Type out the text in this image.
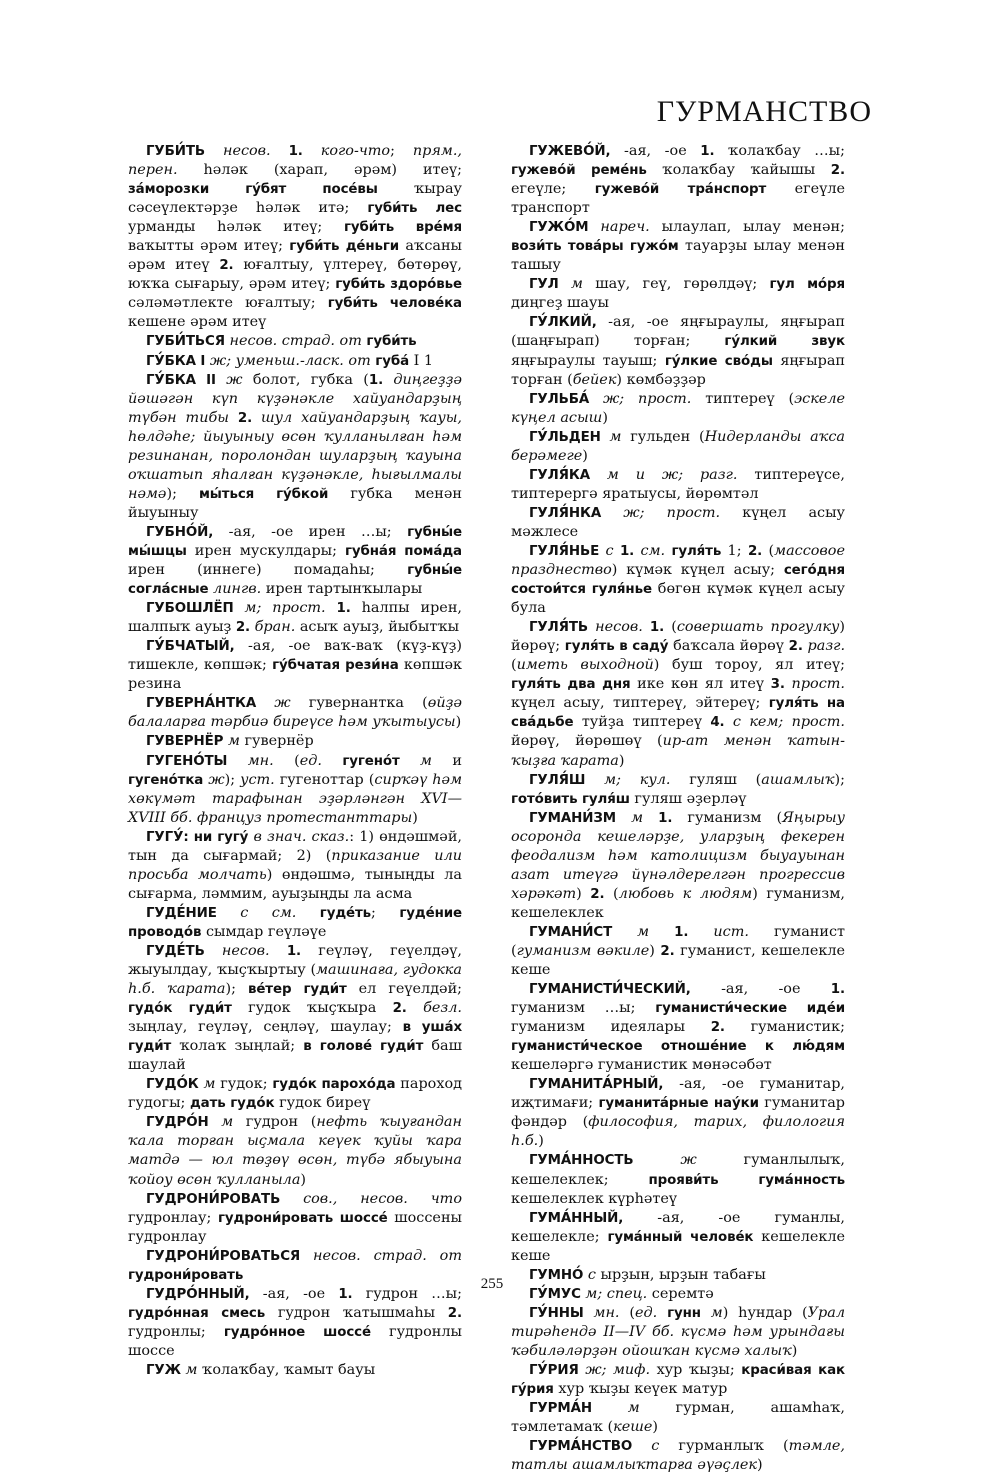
ГУРМАНСТВО

ГУБИ́ТЬ несов. 1. кого-что; прям., перен. һәләк (харап, әрәм) итеү; за́морозки гу́бят посе́вы ҡырау сәсеүлектәрҙе һәләк итә; губи́ть лес урманды һәләк итеү; губи́ть вре́мя ваҡытты әрәм итеү; губи́ть де́ньги аҡсаны әрәм итеү 2. юғалтыу, үлтереү, бөтөрөү, юҡҡа сығарыу, әрәм итеү; губи́ть здоро́вье сәләмәтлекте юғалтыу; губи́ть челове́ка кешене әрәм итеү

ГУБИ́ТЬСЯ несов. страд. от губи́ть

ГУ́БКА I ж; уменьш.-ласк. от губа́ I 1

ГУ́БКА II ж болот, губка (1. диңгеҙҙә йәшәгән күп күҙәнәкле хайуандарҙың түбән тибы 2. шул хайуандарҙың ҡауы, һөлдәһе; йыуыныу өсөн ҡулланылған һәм резинанан, поролондан шуларҙың ҡауына оҡшатып яһалған күҙәнәкле, һығылмалы нәмә); мы́ться гу́бкой губка менән йыуыныу

ГУБНО́Й, -ая, -ое ирен …ы; губны́е мы́шцы ирен мускулдары; губна́я пома́да ирен (иннеге) помадаһы; губны́е согла́сные лингв. ирен тартынҡылары

ГУБОШЛЁП м; прост. 1. һалпы ирен, шалпыҡ ауыҙ 2. бран. асыҡ ауыҙ, йыбытҡы

ГУ́БЧАТЫЙ, -ая, -ое ваҡ-ваҡ (күҙ-күҙ) тишекле, көпшәк; гу́бчатая рези́на көпшәк резина

ГУВЕРНА́НТКА ж гувернантка (өйҙә балаларға тәрбиә биреүсе һәм уҡытыусы)

ГУВЕРНЁР м гувернёр

ГУГЕНО́ТЫ мн. (ед. гугено́т м и гугено́тка ж); уст. гугеноттар (сирҡәү һәм хөкүмәт тарафынан эҙәрләнгән XVI—XVIII бб. француз протестанттары)

ГУГУ́: ни гугу́ в знач. сказ.: 1) өндәшмәй, тын да сығармай; 2) (приказание или просьба молчать) өндәшмә, тыныңды ла сығарма, ләммим, ауыҙыңды ла асма

ГУДЕ́НИЕ с см. гуде́ть; гуде́ние проводо́в сымдар геүләүе

ГУДЕ́ТЬ несов. 1. геүләү, геүелдәү, жыуылдау, ҡыҫҡыртыу (машинаға, гудокка һ.б. ҡарата); ве́тер гуди́т ел геүелдәй; гудо́к гуди́т гудок ҡыҫҡыра 2. безл. зыңлау, геүләү, сеңләү, шаулау; в уша́х гуди́т ҡолаҡ зыңлай; в голове́ гуди́т баш шаулай

ГУДО́К м гудок; гудо́к парохо́да пароход гудогы; дать гудо́к гудок биреү

ГУДРО́Н м гудрон (нефть ҡыуғандан ҡала торған ыҫмала кеүек ҡуйы ҡара матдә — юл төҙөү өсөн, түбә ябыуына ҡойоу өсөн ҡулланыла)

ГУДРОНИ́РОВАТЬ сов., несов. что гудронлау; гудрони́ровать шоссе́ шоссены гудронлау

ГУДРОНИ́РОВАТЬСЯ несов. страд. от гудрони́ровать

ГУДРО́ННЫЙ, -ая, -ое 1. гудрон …ы; гудро́нная смесь гудрон ҡатышмаһы 2. гудронлы; гудро́нное шоссе́ гудронлы шоссе

ГУЖ м ҡолаҡбау, ҡамыт бауы

ГУЖЕВО́Й, -ая, -ое 1. ҡолаҡбау …ы; гужево́й реме́нь ҡолаҡбау ҡайышы 2. егеүле; гужево́й тра́нспорт егеүле транспорт

ГУЖО́М нареч. ылаулап, ылау менән; вози́ть това́ры гужо́м тауарҙы ылау менән ташыу

ГУЛ м шау, геү, гөрөлдәү; гул мо́ря диңгеҙ шауы

ГУ́ЛКИЙ, -ая, -ое яңғыраулы, яңғырап (шаңғырап) торған; гу́лкий звук яңғыраулы тауыш; гу́лкие сво́ды яңғырап торған (бейек) көмбәҙҙәр

ГУЛЬБА́ ж; прост. типтереү (эскеле күңел асыш)

ГУ́ЛЬДЕН м гульден (Нидерланды аҡса берәмеге)

ГУЛЯ́КА м и ж; разг. типтереүсе, типтерергә яратыусы, йөрөмтәл

ГУЛЯ́НКА ж; прост. күңел асыу мәжлесе

ГУЛЯ́НЬЕ с 1. см. гуля́ть 1; 2. (массовое празднество) күмәк күңел асыу; сего́дня состои́тся гуля́нье бөгөн күмәк күңел асыу була

ГУЛЯ́ТЬ несов. 1. (совершать прогулку) йөрөү; гуля́ть в саду́ баҡсала йөрөү 2. разг. (иметь выходной) буш тороу, ял итеү; гуля́ть два дня ике көн ял итеү 3. прост. күңел асыу, типтереү, эйтереү; гуля́ть на сва́дьбе туйҙа типтереү 4. с кем; прост. йөрөү, йөрөшөү (ир-ат менән ҡатын-ҡыҙға ҡарата)

ГУЛЯ́Ш м; кул. гуляш (ашамлыҡ); гото́вить гуля́ш гуляш әҙерләү

ГУМАНИ́ЗМ м 1. гуманизм (Яңырыу осоронда кешеләрҙе, уларҙың фекерен феодализм һәм католицизм быуауынан азат итеүгә йүнәлдерелгән прогрессив хәрәкәт) 2. (любовь к людям) гуманизм, кешелеклек

ГУМАНИ́СТ м 1. ист. гуманист (гуманизм вәкиле) 2. гуманист, кешелекле кеше

ГУМАНИСТИ́ЧЕСКИЙ, -ая, -ое 1. гуманизм …ы; гуманисти́ческие иде́и гуманизм идеялары 2. гуманистик; гуманисти́ческое отноше́ние к лю́дям кешеләргә гуманистик мөнәсәбәт

ГУМАНИТА́РНЫЙ, -ая, -ое гуманитар, иҗтимағи; гуманита́рные нау́ки гуманитар фәндәр (философия, тарих, филология һ.б.)

ГУМА́ННОСТЬ ж гуманлылыҡ, кешелеклек; прояви́ть гума́нность кешелеклек күрһәтеү

ГУМА́ННЫЙ, -ая, -ое гуманлы, кешелекле; гума́нный челове́к кешелекле кеше

ГУМНО́ с ырҙын, ырҙын табағы

ГУ́МУС м; спец. серемтә

ГУ́ННЫ мн. (ед. гунн м) һундар (Урал тирәһендә II—IV бб. күсмә һәм урындағы ҡәбиләләрҙән ойошҡан күсмә халыҡ)

ГУ́РИЯ ж; миф. хур ҡыҙы; краси́вая как гу́рия хур ҡыҙы кеүек матур

ГУРМА́Н м гурман, ашамһаҡ, тәмлетамаҡ (кеше)

ГУРМА́НСТВО с гурманлыҡ (тәмле, татлы ашамлыҡтарға әүәҫлек)

255
